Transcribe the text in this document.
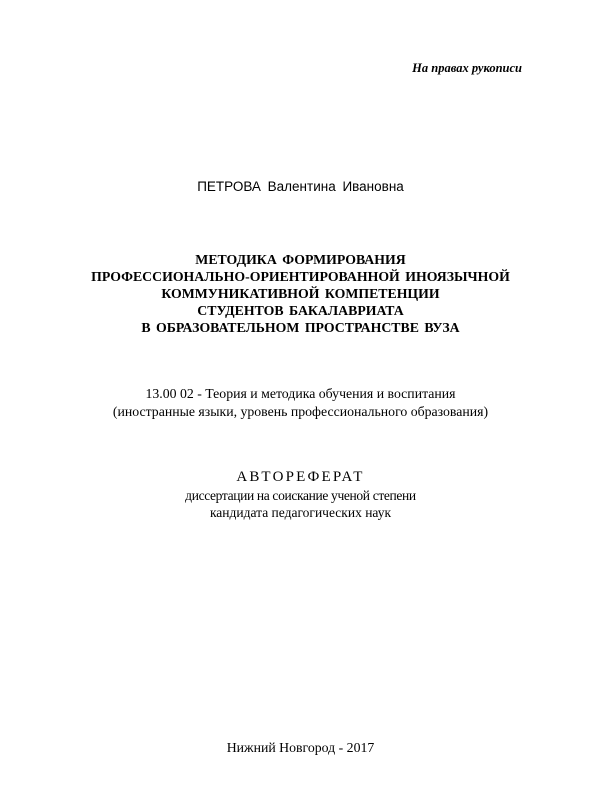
На правах рукописи
ПЕТРОВА Валентина Ивановна
МЕТОДИКА ФОРМИРОВАНИЯ
ПРОФЕССИОНАЛЬНО-ОРИЕНТИРОВАННОЙ ИНОЯЗЫЧНОЙ
КОММУНИКАТИВНОЙ КОМПЕТЕНЦИИ
СТУДЕНТОВ БАКАЛАВРИАТА
В ОБРАЗОВАТЕЛЬНОМ ПРОСТРАНСТВЕ ВУЗА
13.00 02 - Теория и методика обучения и воспитания
(иностранные языки, уровень профессионального образования)
АВТОРЕФЕРАТ
диссертации на соискание ученой степени
кандидата педагогических наук
Нижний Новгород - 2017
